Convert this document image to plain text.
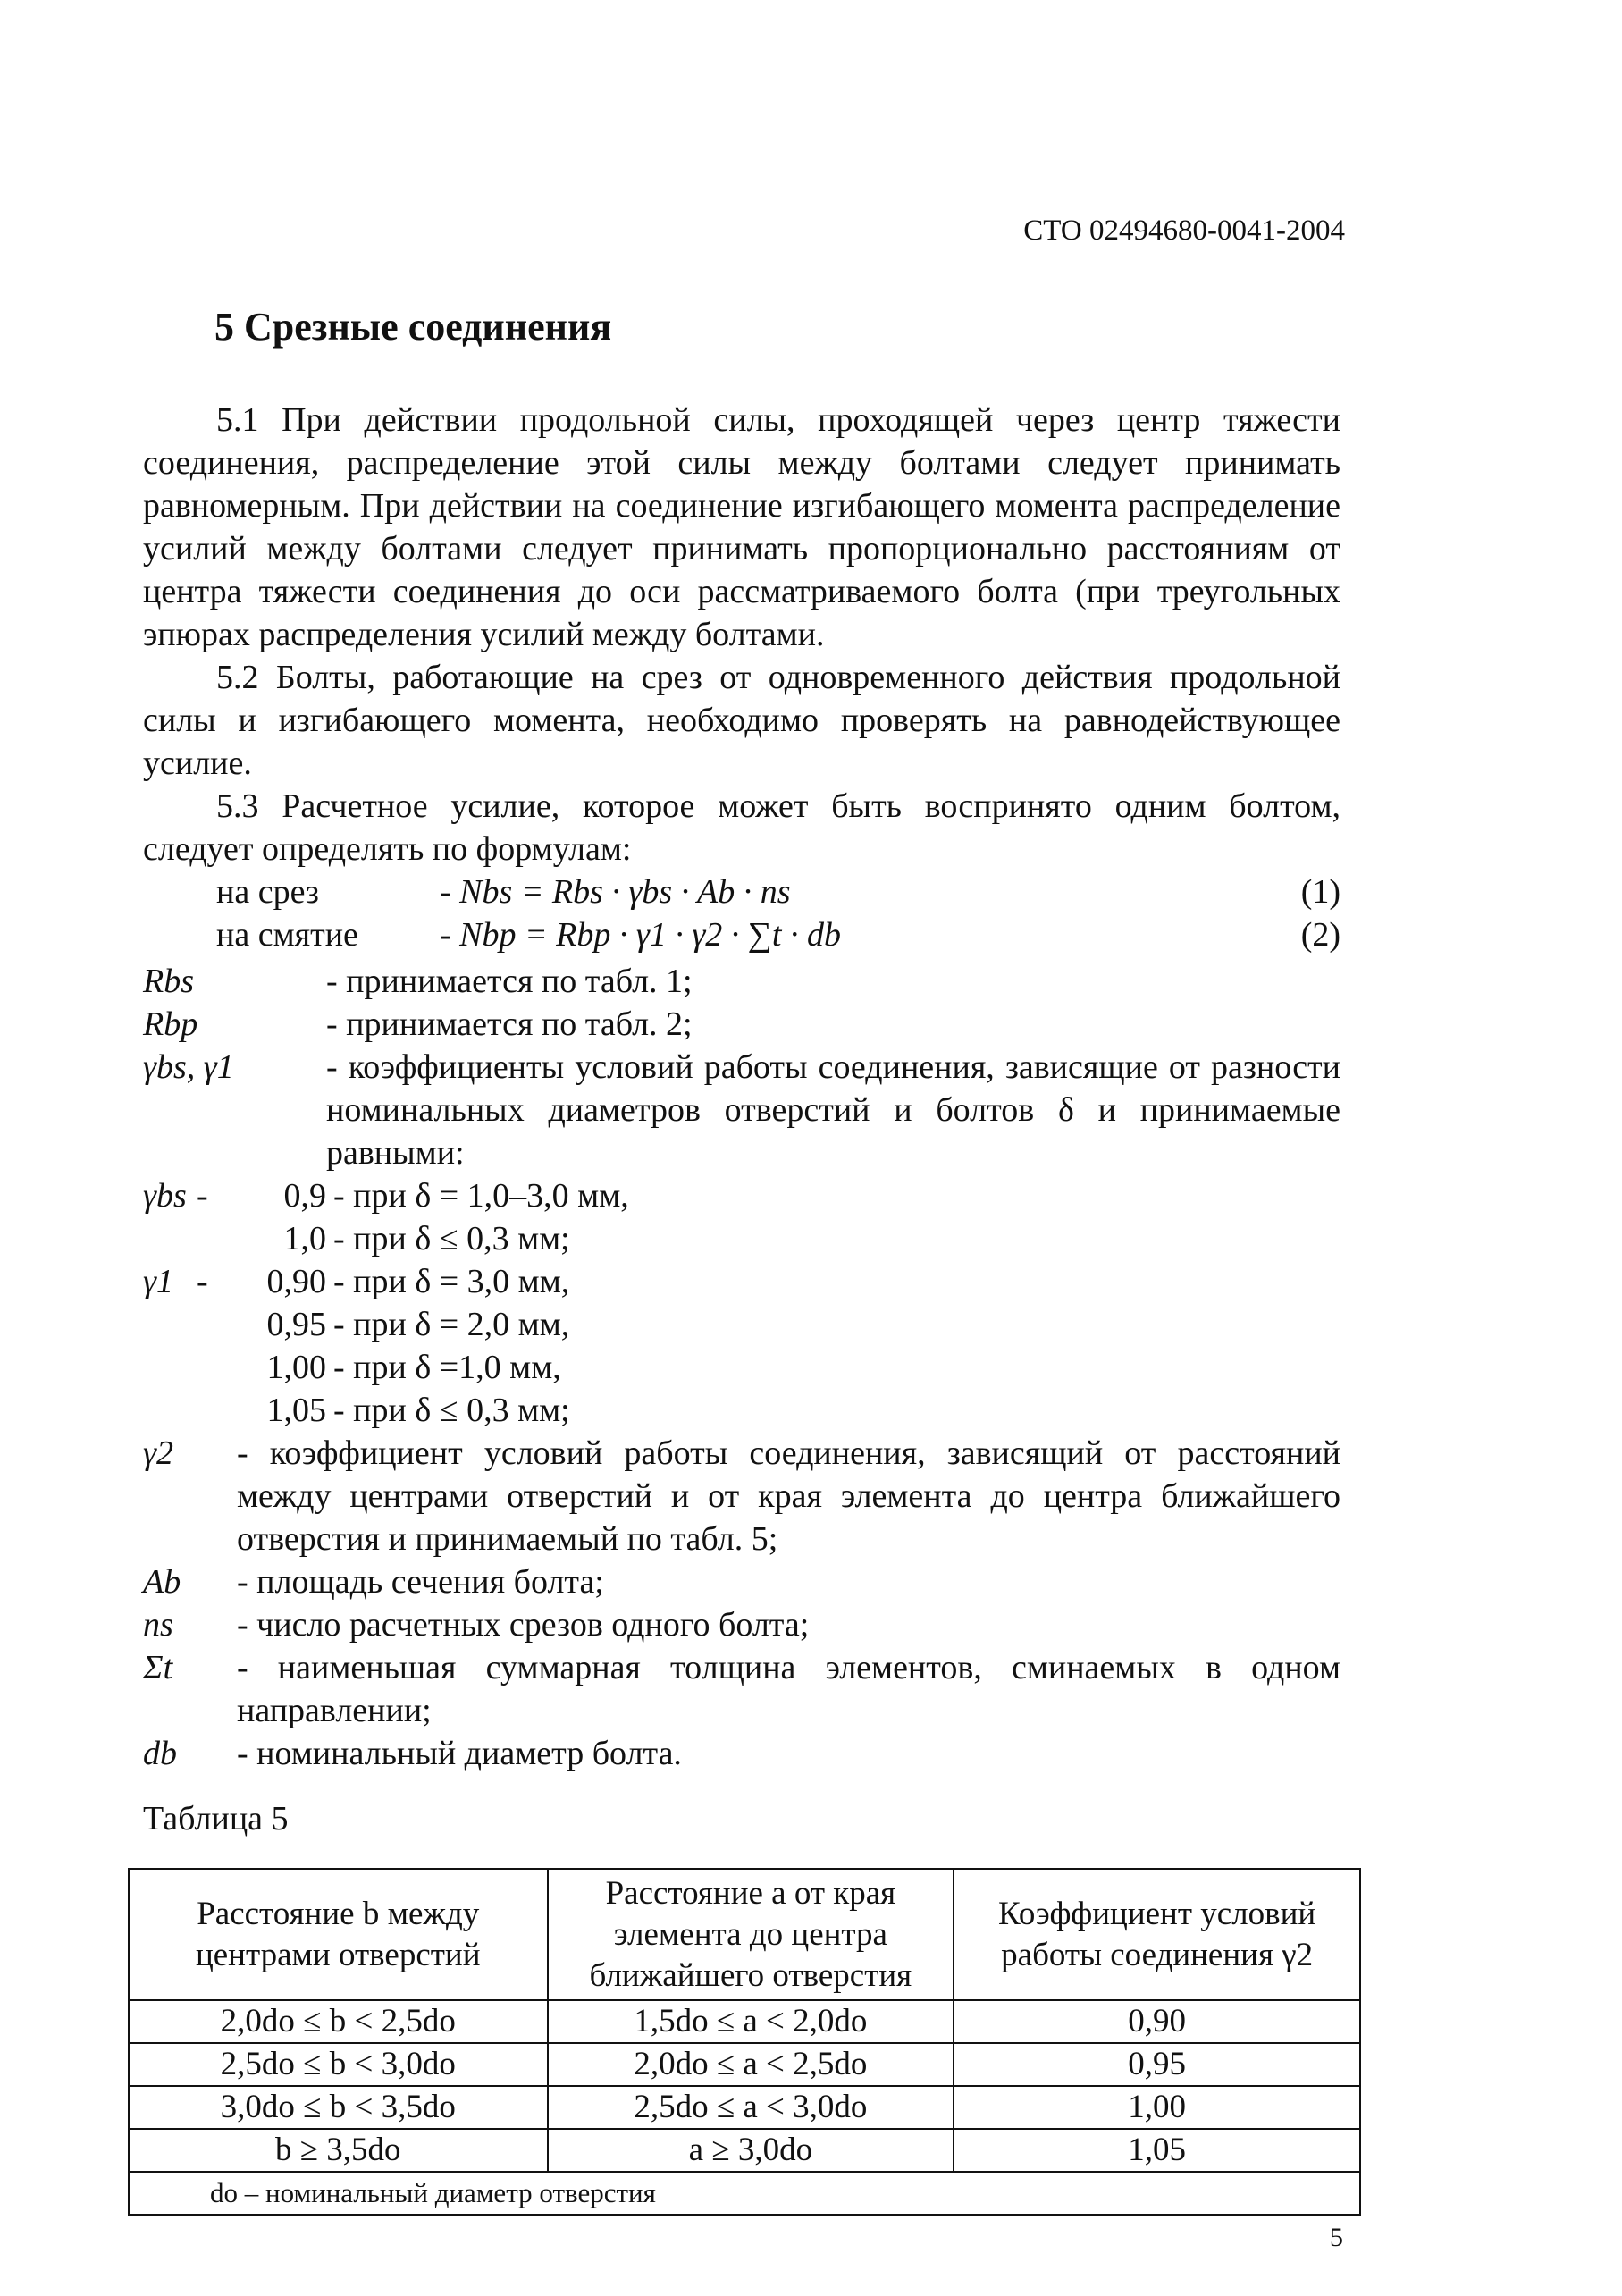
СТО 02494680-0041-2004
5 Срезные соединения

5.1 При действии продольной силы, проходящей через центр тяжести соединения, распределение этой силы между болтами следует принимать равномерным. При действии на соединение изгибающего момента распределение усилий между болтами следует принимать пропорционально расстояниям от центра тяжести соединения до оси рассматриваемого болта (при треугольных эпюрах распределения усилий между болтами.

5.2 Болты, работающие на срез от одновременного действия продольной силы и изгибающего момента, необходимо проверять на равнодействующее усилие.

5.3 Расчетное усилие, которое может быть воспринято одним болтом, следует определять по формулам:

на срез	- Nbs = Rbs · γbs · Ab · ns	(1)
на смятие	- Nbp = Rbp · γ1 · γ2 · ∑t · db	(2)
Rbs	- принимается по табл. 1;
Rbp	- принимается по табл. 2;
γbs, γ1	- коэффициенты условий работы соединения, зависящие от разности номинальных диаметров отверстий и болтов δ и принимаемые равными:
γbs -	0,9 - при δ = 1,0–3,0 мм,
1,0 - при δ ≤ 0,3 мм;
γ1 -	0,90 - при δ = 3,0 мм,
0,95 - при δ = 2,0 мм,
1,00 - при δ =1,0 мм,
1,05 - при δ ≤ 0,3 мм;
γ2	- коэффициент условий работы соединения, зависящий от расстояний между центрами отверстий и от края элемента до центра ближайшего отверстия и принимаемый по табл. 5;
Ab	- площадь сечения болта;
ns	- число расчетных срезов одного болта;
Σt	- наименьшая суммарная толщина элементов, сминаемых в одном направлении;
db	- номинальный диаметр болта.
Таблица 5
Расстояние b между центрами отверстий	Расстояние a от края элемента до центра ближайшего отверстия	Коэффициент условий работы соединения γ2
2,0do ≤ b < 2,5do	1,5do ≤ a < 2,0do	0,90
2,5do ≤ b < 3,0do	2,0do ≤ a < 2,5do	0,95
3,0do ≤ b < 3,5do	2,5do ≤ a < 3,0do	1,00
b ≥ 3,5do	a ≥ 3,0do	1,05
do – номинальный диаметр отверстия		
5
